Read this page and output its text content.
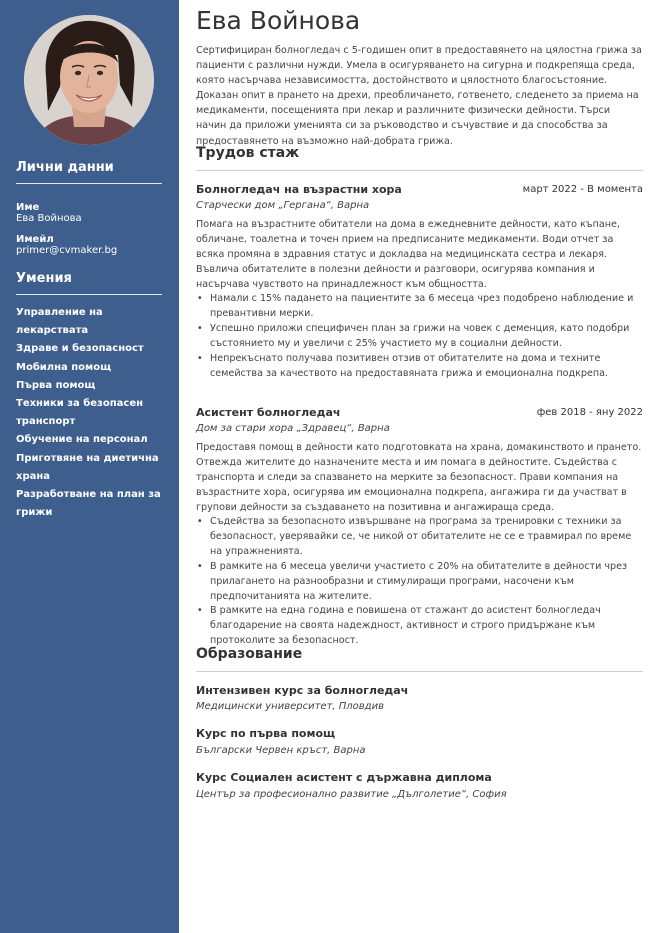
Лични данни
Име
Ева Войнова
Имейл
primer@cvmaker.bg
Умения
Управление на лекарствата
Здраве и безопасност
Мобилна помощ
Първа помощ
Техники за безопасен транспорт
Обучение на персонал
Приготвяне на диетична храна
Разработване на план за грижи
Ева Войнова

Сертифициран болногледач с 5-годишен опит в предоставянето на цялостна грижа за пациенти с различни нужди. Умела в осигуряването на сигурна и подкрепяща среда, която насърчава независимостта, достойнството и цялостното благосъстояние. Доказан опит в прането на дрехи, преобличането, готвенето, следенето за приема на медикаменти, посещенията при лекар и различните физически дейности. Търси начин да приложи уменията си за ръководство и съчувствие и да способства за предоставянето на възможно най-добрата грижа.

Трудов стаж
Болногледач на възрастни хора	март 2022 - В момента
Старчески дом „Гергана“, Варна

Помага на възрастните обитатели на дома в ежедневните дейности, като къпане, обличане, тоалетна и точен прием на предписаните медикаменти. Води отчет за всяка промяна в здравния статус и докладва на медицинската сестра и лекаря. Въвлича обитателите в полезни дейности и разговори, осигурява компания и насърчава чувството на принадлежност към общността.

• Намали с 15% падането на пациентите за 6 месеца чрез подобрено наблюдение и превантивни мерки.
• Успешно приложи специфичен план за грижи на човек с деменция, като подобри състоянието му и увеличи с 25% участието му в социални дейности.
• Непрекъснато получава позитивен отзив от обитателите на дома и техните семейства за качеството на предоставяната грижа и емоционална подкрепа.
Асистент болногледач	фев 2018 - яну 2022
Дом за стари хора „Здравец“, Варна

Предоставя помощ в дейности като подготовката на храна, домакинството и прането. Отвежда жителите до назначените места и им помага в дейностите. Съдейства с транспорта и следи за спазването на мерките за безопасност. Прави компания на възрастните хора, осигурява им емоционална подкрепа, ангажира ги да участват в групови дейности за създаването на позитивна и ангажираща среда.

• Съдейства за безопасното извършване на програма за тренировки с техники за безопасност, уверявайки се, че никой от обитателите не се е травмирал по време на упражненията.
• В рамките на 6 месеца увеличи участието с 20% на обитателите в дейности чрез прилагането на разнообразни и стимулиращи програми, насочени към предпочитанията на жителите.
• В рамките на една година е повишена от стажант до асистент болногледач благодарение на своята надеждност, активност и строго придържане към протоколите за безопасност.
Образование
Интензивен курс за болногледач
Медицински университет, Пловдив
Курс по първа помощ
Български Червен кръст, Варна
Курс Социален асистент с държавна диплома
Център за професионално развитие „Дълголетие“, София
